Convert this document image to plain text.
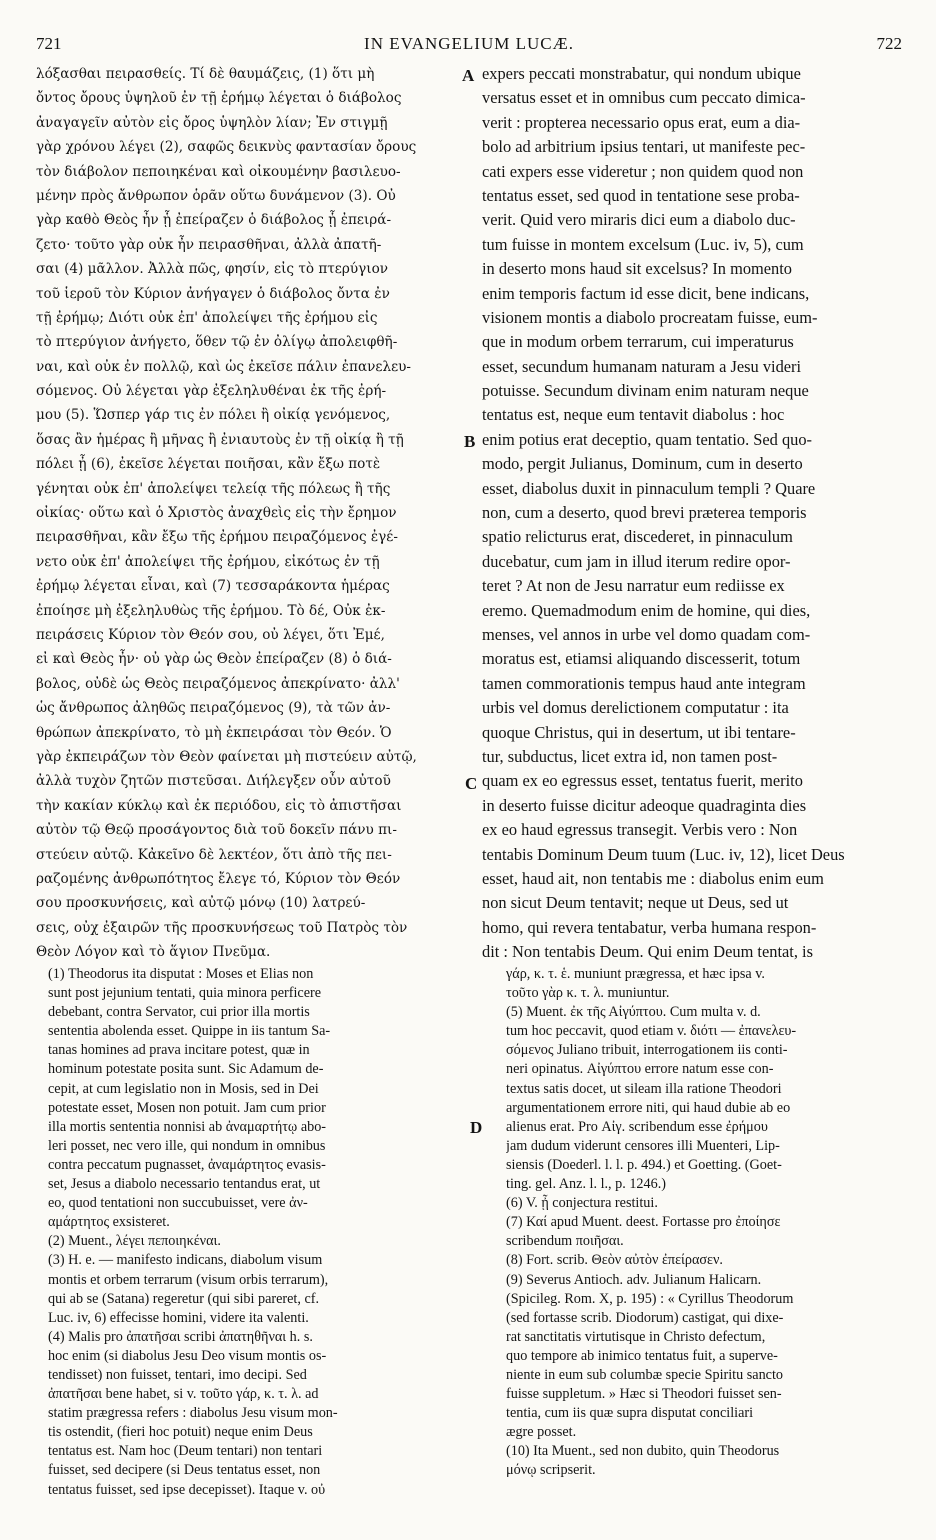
721	IN EVANGELIUM LUCÆ.	722
λόξασθαι πειρασθείς. Τί δὲ θαυμάζεις, (1) ὅτι μὴ
ὄντος ὄρους ὑψηλοῦ ἐν τῇ ἐρήμῳ λέγεται ὁ διάβολος
ἀναγαγεῖν αὐτὸν εἰς ὄρος ὑψηλὸν λίαν; Ἐν στιγμῇ
γὰρ χρόνου λέγει (2), σαφῶς δεικνὺς φαντασίαν ὄρους
τὸν διάβολον πεποιηκέναι καὶ οἰκουμένην βασιλευο-
μένην πρὸς ἄνθρωπον ὁρᾶν οὕτω δυνάμενον (3). Οὐ
γὰρ καθὸ Θεὸς ἦν ᾗ ἐπείραζεν ὁ διάβολος ᾗ ἐπειρά-
ζετο· τοῦτο γὰρ οὐκ ἦν πειρασθῆναι, ἀλλὰ ἀπατῆ-
σαι (4) μᾶλλον. Ἀλλὰ πῶς, φησίν, εἰς τὸ πτερύγιον
τοῦ ἱεροῦ τὸν Κύριον ἀνήγαγεν ὁ διάβολος ὄντα ἐν
τῇ ἐρήμῳ; Διότι οὐκ ἐπ' ἀπολείψει τῆς ἐρήμου εἰς
τὸ πτερύγιον ἀνήγετο, ὅθεν τῷ ἐν ὀλίγῳ ἀπολειφθῆ-
ναι, καὶ οὐκ ἐν πολλῷ, καὶ ὡς ἐκεῖσε πάλιν ἐπανελευ-
σόμενος. Οὐ λέγεται γὰρ ἐξεληλυθέναι ἐκ τῆς ἐρή-
μου (5). Ὥσπερ γάρ τις ἐν πόλει ἢ οἰκίᾳ γενόμενος,
ὅσας ἂν ἡμέρας ἢ μῆνας ἢ ἐνιαυτοὺς ἐν τῇ οἰκίᾳ ἢ τῇ
πόλει ᾖ (6), ἐκεῖσε λέγεται ποιῆσαι, κἂν ἔξω ποτὲ
γένηται οὐκ ἐπ' ἀπολείψει τελείᾳ τῆς πόλεως ἢ τῆς
οἰκίας· οὕτω καὶ ὁ Χριστὸς ἀναχθεὶς εἰς τὴν ἔρημον
πειρασθῆναι, κἂν ἔξω τῆς ἐρήμου πειραζόμενος ἐγέ-
νετο οὐκ ἐπ' ἀπολείψει τῆς ἐρήμου, εἰκότως ἐν τῇ
ἐρήμῳ λέγεται εἶναι, καὶ (7) τεσσαράκοντα ἡμέρας
ἐποίησε μὴ ἐξεληλυθὼς τῆς ἐρήμου. Τὸ δέ, Οὐκ ἐκ-
πειράσεις Κύριον τὸν Θεόν σου, οὐ λέγει, ὅτι Ἐμέ,
εἰ καὶ Θεὸς ἦν· οὐ γὰρ ὡς Θεὸν ἐπείραζεν (8) ὁ διά-
βολος, οὐδὲ ὡς Θεὸς πειραζόμενος ἀπεκρίνατο· ἀλλ'
ὡς ἄνθρωπος ἀληθῶς πειραζόμενος (9), τὰ τῶν ἀν-
θρώπων ἀπεκρίνατο, τὸ μὴ ἐκπειράσαι τὸν Θεόν. Ὁ
γὰρ ἐκπειράζων τὸν Θεὸν φαίνεται μὴ πιστεύειν αὐτῷ,
ἀλλὰ τυχὸν ζητῶν πιστεῦσαι. Διήλεγξεν οὖν αὐτοῦ
τὴν κακίαν κύκλῳ καὶ ἐκ περιόδου, εἰς τὸ ἀπιστῆσαι
αὐτὸν τῷ Θεῷ προσάγοντος διὰ τοῦ δοκεῖν πάνυ πι-
στεύειν αὐτῷ. Κἀκεῖνο δὲ λεκτέον, ὅτι ἀπὸ τῆς πει-
ραζομένης ἀνθρωπότητος ἔλεγε τό, Κύριον τὸν Θεόν
σου προσκυνήσεις, καὶ αὐτῷ μόνῳ (10) λατρεύ-
σεις, οὐχ ἐξαιρῶν τῆς προσκυνήσεως τοῦ Πατρὸς τὸν
Θεὸν Λόγον καὶ τὸ ἅγιον Πνεῦμα.
expers peccati monstrabatur, qui nondum ubique
versatus esset et in omnibus cum peccato dimica-
verit : propterea necessario opus erat, eum a dia-
bolo ad arbitrium ipsius tentari, ut manifeste pec-
cati expers esse videretur ; non quidem quod non
tentatus esset, sed quod in tentatione sese proba-
verit. Quid vero miraris dici eum a diabolo duc-
tum fuisse in montem excelsum (Luc. iv, 5), cum
in deserto mons haud sit excelsus? In momento
enim temporis factum id esse dicit, bene indicans,
visionem montis a diabolo procreatam fuisse, eum-
que in modum orbem terrarum, cui imperaturus
esset, secundum humanam naturam a Jesu videri
potuisse. Secundum divinam enim naturam neque
tentatus est, neque eum tentavit diabolus : hoc
enim potius erat deceptio, quam tentatio. Sed quo-
modo, pergit Julianus, Dominum, cum in deserto
esset, diabolus duxit in pinnaculum templi ? Quare
non, cum a deserto, quod brevi præterea temporis
spatio relicturus erat, discederet, in pinnaculum
ducebatur, cum jam in illud iterum redire opor-
teret ? At non de Jesu narratur eum rediisse ex
eremo. Quemadmodum enim de homine, qui dies,
menses, vel annos in urbe vel domo quadam com-
moratus est, etiamsi aliquando discesserit, totum
tamen commorationis tempus haud ante integram
urbis vel domus derelictionem computatur : ita
quoque Christus, qui in desertum, ut ibi tentare-
tur, subductus, licet extra id, non tamen post-
quam ex eo egressus esset, tentatus fuerit, merito
in deserto fuisse dicitur adeoque quadraginta dies
ex eo haud egressus transegit. Verbis vero : Non
tentabis Dominum Deum tuum (Luc. iv, 12), licet Deus
esset, haud ait, non tentabis me : diabolus enim eum
non sicut Deum tentavit; neque ut Deus, sed ut
homo, qui revera tentabatur, verba humana respon-
dit : Non tentabis Deum. Qui enim Deum tentat, is
A
B
C
D
(1) Theodorus ita disputat : Moses et Elias non
sunt post jejunium tentati, quia minora perficere
debebant, contra Servator, cui prior illa mortis
sententia abolenda esset. Quippe in iis tantum Sa-
tanas homines ad prava incitare potest, quæ in
hominum potestate posita sunt. Sic Adamum de-
cepit, at cum legislatio non in Mosis, sed in Dei
potestate esset, Mosen non potuit. Jam cum prior
illa mortis sententia nonnisi ab ἀναμαρτήτῳ abo-
leri posset, nec vero ille, qui nondum in omnibus
contra peccatum pugnasset, ἀναμάρτητος evasis-
set, Jesus a diabolo necessario tentandus erat, ut
eo, quod tentationi non succubuisset, vere ἀν-
αμάρτητος exsisteret.
(2) Muent., λέγει πεποιηκέναι.
(3) H. e. — manifesto indicans, diabolum visum
montis et orbem terrarum (visum orbis terrarum),
qui ab se (Satana) regeretur (qui sibi pareret, cf.
Luc. iv, 6) effecisse homini, videre ita valenti.
(4) Malis pro ἀπατῆσαι scribi ἀπατηθῆναι h. s.
hoc enim (si diabolus Jesu Deo visum montis os-
tendisset) non fuisset, tentari, imo decipi. Sed
ἀπατῆσαι bene habet, si v. τοῦτο γάρ, κ. τ. λ. ad
statim prægressa refers : diabolus Jesu visum mon-
tis ostendit, (fieri hoc potuit) neque enim Deus
tentatus est. Nam hoc (Deum tentari) non tentari
fuisset, sed decipere (si Deus tentatus esset, non
tentatus fuisset, sed ipse decepisset). Itaque v. οὐ
γάρ, κ. τ. ἑ. muniunt prægressa, et hæc ipsa v.
τοῦτο γὰρ κ. τ. λ. muniuntur.
(5) Muent. ἐκ τῆς Αἰγύπτου. Cum multa v. d.
tum hoc peccavit, quod etiam v. διότι — ἐπανελευ-
σόμενος Juliano tribuit, interrogationem iis conti-
neri opinatus. Αἰγύπτου errore natum esse con-
textus satis docet, ut sileam illa ratione Theodori
argumentationem errore niti, qui haud dubie ab eo
alienus erat. Pro Αἰγ. scribendum esse ἐρήμου
jam dudum viderunt censores illi Muenteri, Lip-
siensis (Doederl. l. l. p. 494.) et Goetting. (Goet-
ting. gel. Anz. l. l., p. 1246.)
(6) V. ᾖ conjectura restitui.
(7) Καί apud Muent. deest. Fortasse pro ἐποίησε
scribendum ποιῆσαι.
(8) Fort. scrib. Θεὸν αὐτὸν ἐπείρασεν.
(9) Severus Antioch. adv. Julianum Halicarn.
(Spicileg. Rom. X, p. 195) : « Cyrillus Theodorum
(sed fortasse scrib. Diodorum) castigat, qui dixe-
rat sanctitatis virtutisque in Christo defectum,
quo tempore ab inimico tentatus fuit, a superve-
niente in eum sub columbæ specie Spiritu sancto
fuisse suppletum. » Hæc si Theodori fuisset sen-
tentia, cum iis quæ supra disputat conciliari
ægre posset.
(10) Ita Muent., sed non dubito, quin Theodorus
μόνῳ scripserit.
